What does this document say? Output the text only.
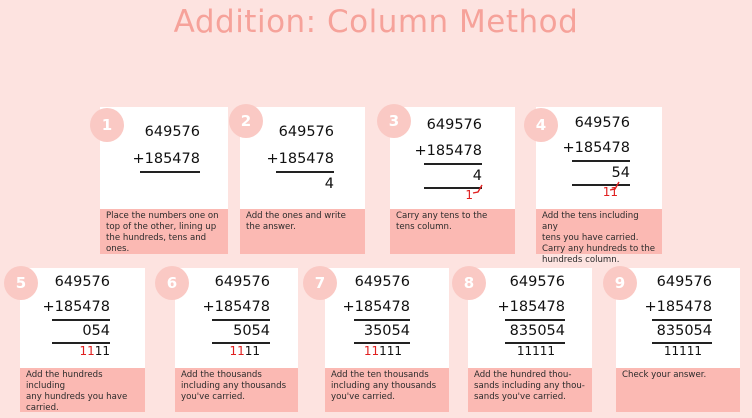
Addition: Column Method
1	649576
+185478
Place the numbers one on
top of the other, lining up
the hundreds, tens and
ones.
2
649576
+185478
4
Add the ones and write
the answer.
3	649576
+185478
4
1
Carry any tens to the
tens column.
4	649576
+185478
54
11
Add the tens including any
tens you have carried.
Carry any hundreds to the
hundreds column.
5	649576
+185478
054
1111
Add the hundreds including
any hundreds you have
carried.
6	649576
+185478
5054
1111
Add the thousands
including any thousands
you've carried.
7	649576
+185478
35054
11111
Add the ten thousands
including any thousands
you've carried.
8	649576
+185478
835054
11111
Add the hundred thou-
sands including any thou-
sands you've carried.
9	649576
+185478
835054
11111
Check your answer.
